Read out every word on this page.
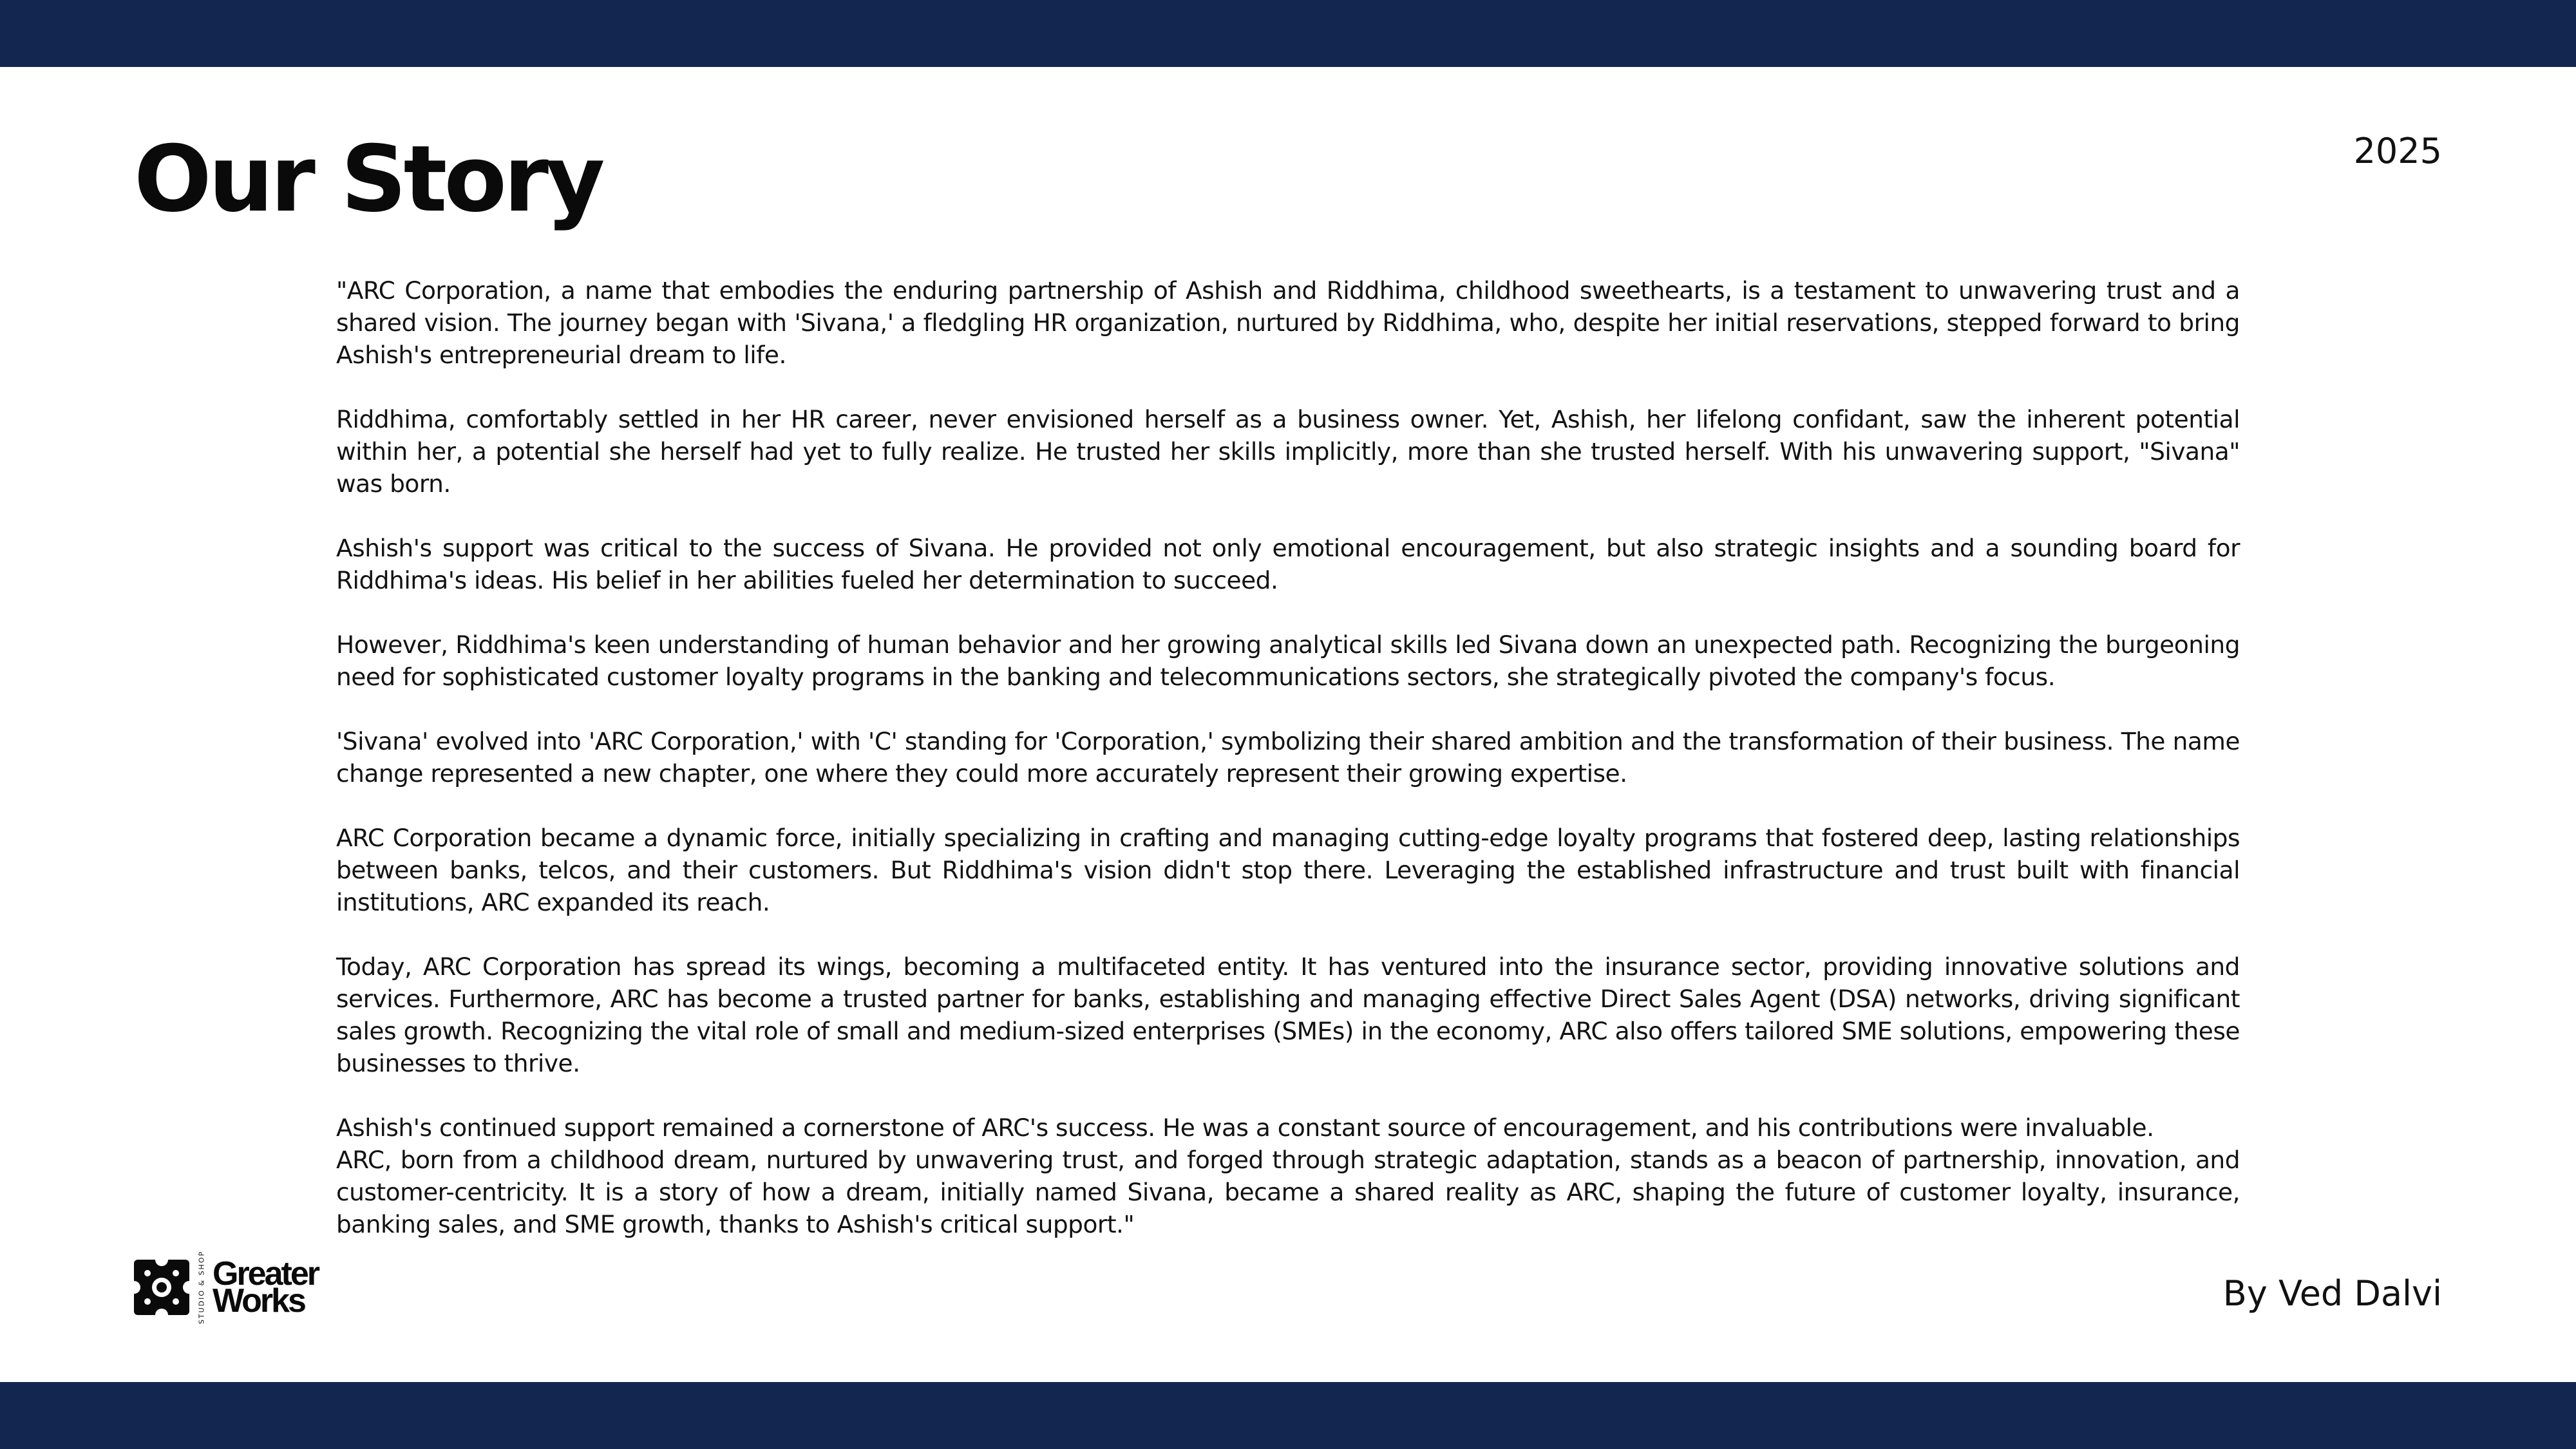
Our Story	2025

"ARC Corporation, a name that embodies the enduring partnership of Ashish and Riddhima, childhood sweethearts, is a testament to unwavering trust and a shared vision. The journey began with 'Sivana,' a fledgling HR organization, nurtured by Riddhima, who, despite her initial reservations, stepped forward to bring Ashish's entrepreneurial dream to life.

Riddhima, comfortably settled in her HR career, never envisioned herself as a business owner. Yet, Ashish, her lifelong confidant, saw the inherent potential within her, a potential she herself had yet to fully realize. He trusted her skills implicitly, more than she trusted herself. With his unwavering support, "Sivana" was born.

Ashish's support was critical to the success of Sivana. He provided not only emotional encouragement, but also strategic insights and a sounding board for Riddhima's ideas. His belief in her abilities fueled her determination to succeed.

However, Riddhima's keen understanding of human behavior and her growing analytical skills led Sivana down an unexpected path. Recognizing the burgeoning need for sophisticated customer loyalty programs in the banking and telecommunications sectors, she strategically pivoted the company's focus.

'Sivana' evolved into 'ARC Corporation,' with 'C' standing for 'Corporation,' symbolizing their shared ambition and the transformation of their business. The name change represented a new chapter, one where they could more accurately represent their growing expertise.

ARC Corporation became a dynamic force, initially specializing in crafting and managing cutting-edge loyalty programs that fostered deep, lasting relationships between banks, telcos, and their customers. But Riddhima's vision didn't stop there. Leveraging the established infrastructure and trust built with financial institutions, ARC expanded its reach.

Today, ARC Corporation has spread its wings, becoming a multifaceted entity. It has ventured into the insurance sector, providing innovative solutions and services. Furthermore, ARC has become a trusted partner for banks, establishing and managing effective Direct Sales Agent (DSA) networks, driving significant sales growth. Recognizing the vital role of small and medium-sized enterprises (SMEs) in the economy, ARC also offers tailored SME solutions, empowering these businesses to thrive.

Ashish's continued support remained a cornerstone of ARC's success. He was a constant source of encouragement, and his contributions were invaluable.

ARC, born from a childhood dream, nurtured by unwavering trust, and forged through strategic adaptation, stands as a beacon of partnership, innovation, and customer-centricity. It is a story of how a dream, initially named Sivana, became a shared reality as ARC, shaping the future of customer loyalty, insurance, banking sales, and SME growth, thanks to Ashish's critical support."

STUDIO & SHOP Greater
Works	By Ved Dalvi
